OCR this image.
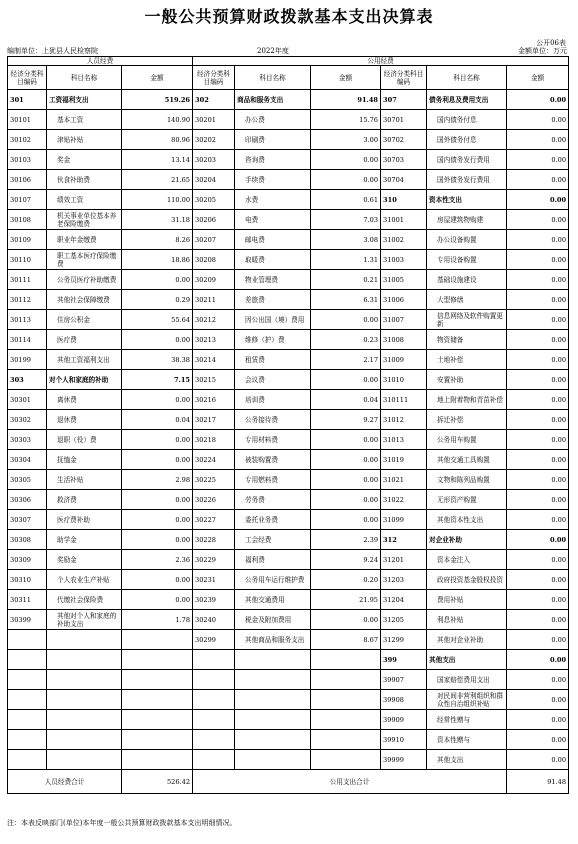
一般公共预算财政拨款基本支出决算表
公开06表
编制单位：上犹县人民检察院	2022年度	金额单位：万元
人员经费			公用经费					
经济分类科目编码	科目名称	金额	经济分类科目编码	科目名称	金额	经济分类科目编码	科目名称	金额
301	工资福利支出	519.26	302	商品和服务支出	91.48	307	债务利息及费用支出	0.00
30101	基本工资	140.90	30201	办公费	15.76	30701	国内债务付息	0.00
30102	津贴补贴	80.96	30202	印刷费	3.00	30702	国外债务付息	0.00
30103	奖金	13.14	30203	咨询费	0.00	30703	国内债务发行费用	0.00
30106	伙食补助费	21.65	30204	手续费	0.00	30704	国外债务发行费用	0.00
30107	绩效工资	110.00	30205	水费	0.61	310	资本性支出	0.00
30108	机关事业单位基本养老保险缴费	31.18	30206	电费	7.03	31001	房屋建筑物购建	0.00
30109	职业年金缴费	8.26	30207	邮电费	3.08	31002	办公设备购置	0.00
30110	职工基本医疗保险缴费	18.86	30208	取暖费	1.31	31003	专用设备购置	0.00
30111	公务员医疗补助缴费	0.00	30209	物业管理费	0.21	31005	基础设施建设	0.00
30112	其他社会保障缴费	0.29	30211	差旅费	6.31	31006	大型修缮	0.00
30113	住房公积金	55.64	30212	因公出国（境）费用	0.00	31007	信息网络及软件购置更新	0.00
30114	医疗费	0.00	30213	维修（护）费	0.23	31008	物资储备	0.00
30199	其他工资福利支出	38.38	30214	租赁费	2.17	31009	土地补偿	0.00
303	对个人和家庭的补助	7.15	30215	会议费	0.00	31010	安置补助	0.00
30301	离休费	0.00	30216	培训费	0.04	310111	地上附着物和青苗补偿	0.00
30302	退休费	0.04	30217	公务接待费	9.27	31012	拆迁补偿	0.00
30303	退职（役）费	0.00	30218	专用材料费	0.00	31013	公务用车购置	0.00
30304	抚恤金	0.00	30224	被装购置费	0.00	31019	其他交通工具购置	0.00
30305	生活补贴	2.98	30225	专用燃料费	0.00	31021	文物和陈列品购置	0.00
30306	救济费	0.00	30226	劳务费	0.00	31022	无形资产购置	0.00
30307	医疗费补助	0.00	30227	委托业务费	0.00	31099	其他资本性支出	0.00
30308	助学金	0.00	30228	工会经费	2.39	312	对企业补助	0.00
30309	奖励金	2.36	30229	福利费	9.24	31201	资本金注入	0.00
30310	个人农业生产补贴	0.00	30231	公务用车运行维护费	0.20	31203	政府投资基金股权投资	0.00
30311	代缴社会保险费	0.00	30239	其他交通费用	21.95	31204	费用补贴	0.00
30399	其他对个人和家庭的补助支出	1.78	30240	税金及附加费用	0.00	31205	利息补贴	0.00
			30299	其他商品和服务支出	8.67	31299	其他对企业补助	0.00
						399	其他支出	0.00
						39907	国家赔偿费用支出	0.00
						39908	对民间非营利组织和群众性自治组织补贴	0.00
						39909	经常性赠与	0.00
						39910	资本性赠与	0.00
						39999	其他支出	0.00
人员经费合计		526.42	公用支出合计					91.48
注：本表反映部门(单位)本年度一般公共预算财政拨款基本支出明细情况。
